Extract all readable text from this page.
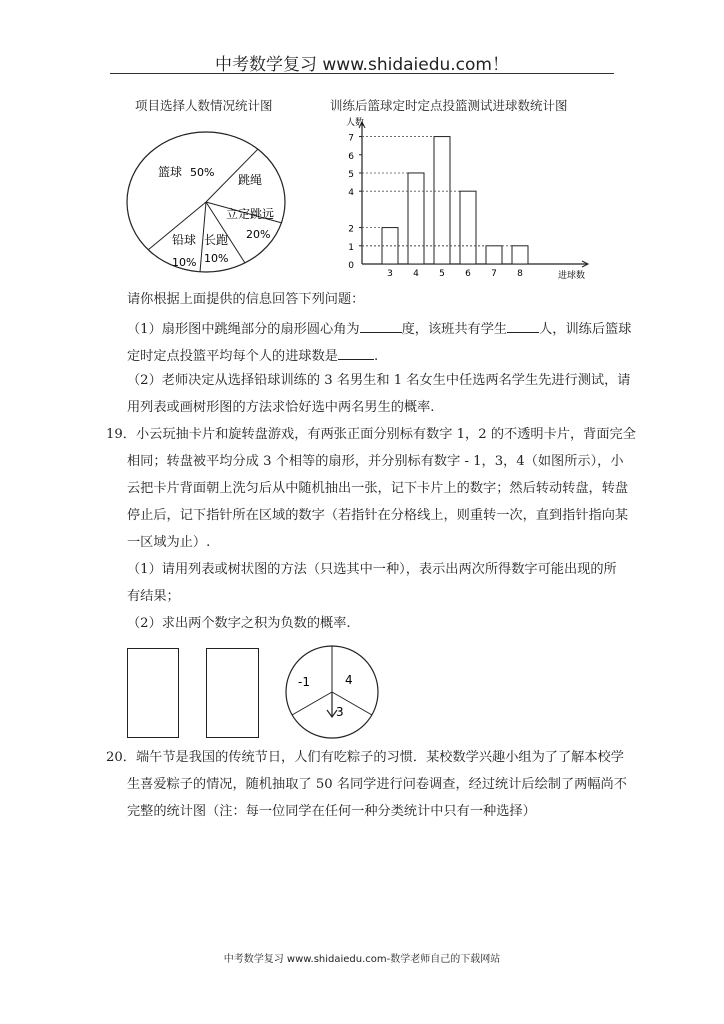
中考数学复习 www.shidaiedu.com！
项目选择人数情况统计图	训练后篮球定时定点投篮测试进球数统计图
篮球 50%
跳绳
立定跳远
20%
铅球
10%
长跑
10%
0
1
2
4
5
6
7
3 4 5 6 7 8
人数
进球数
请你根据上面提供的信息回答下列问题：
（1）扇形图中跳绳部分的扇形圆心角为	度，该班共有学生 人，训练后篮球
定时定点投篮平均每个人的进球数是	.
（2）老师决定从选择铅球训练的 3 名男生和 1 名女生中任选两名学生先进行测试，请
用列表或画树形图的方法求恰好选中两名男生的概率.
19．小云玩抽卡片和旋转盘游戏，有两张正面分别标有数字 1，2 的不透明卡片，背面完全
相同；转盘被平均分成 3 个相等的扇形，并分别标有数字 - 1，3，4（如图所示），小
云把卡片背面朝上洗匀后从中随机抽出一张，记下卡片上的数字；然后转动转盘，转盘
停止后，记下指针所在区域的数字（若指针在分格线上，则重转一次，直到指针指向某
一区域为止）.
（1）请用列表或树状图的方法（只选其中一种），表示出两次所得数字可能出现的所
有结果；
（2）求出两个数字之积为负数的概率.
-1	4
3
20．端午节是我国的传统节日，人们有吃粽子的习惯．某校数学兴趣小组为了了解本校学
生喜爱粽子的情况，随机抽取了 50 名同学进行问卷调查，经过统计后绘制了两幅尚不
完整的统计图（注：每一位同学在任何一种分类统计中只有一种选择）
中考数学复习 www.shidaiedu.com-数学老师自己的下载网站
